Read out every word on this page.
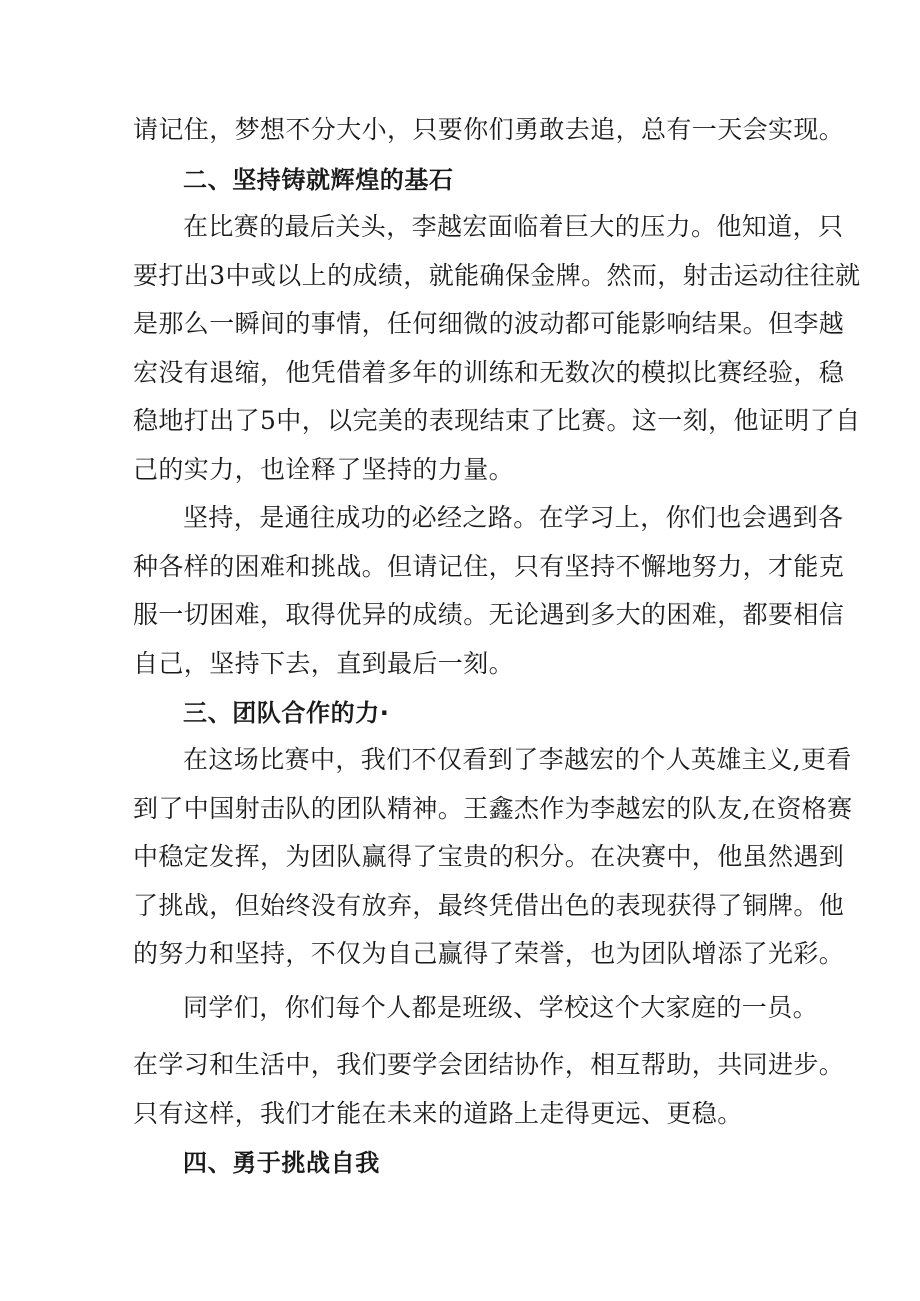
请记住，梦想不分大小，只要你们勇敢去追，总有一天会实现。
二、坚持铸就辉煌的基石
在比赛的最后关头，李越宏面临着巨大的压力。他知道，只
要打出3中或以上的成绩，就能确保金牌。然而，射击运动往往就
是那么一瞬间的事情，任何细微的波动都可能影响结果。但李越
宏没有退缩，他凭借着多年的训练和无数次的模拟比赛经验，稳
稳地打出了5中，以完美的表现结束了比赛。这一刻，他证明了自
己的实力，也诠释了坚持的力量。
坚持，是通往成功的必经之路。在学习上，你们也会遇到各
种各样的困难和挑战。但请记住，只有坚持不懈地努力，才能克
服一切困难，取得优异的成绩。无论遇到多大的困难，都要相信
自己，坚持下去，直到最后一刻。
三、团队合作的力·
在这场比赛中，我们不仅看到了李越宏的个人英雄主义,更看
到了中国射击队的团队精神。王鑫杰作为李越宏的队友,在资格赛
中稳定发挥，为团队赢得了宝贵的积分。在决赛中，他虽然遇到
了挑战，但始终没有放弃，最终凭借出色的表现获得了铜牌。他
的努力和坚持，不仅为自己赢得了荣誉，也为团队增添了光彩。
同学们，你们每个人都是班级、学校这个大家庭的一员。
在学习和生活中，我们要学会团结协作，相互帮助，共同进步。
只有这样，我们才能在未来的道路上走得更远、更稳。
四、勇于挑战自我
